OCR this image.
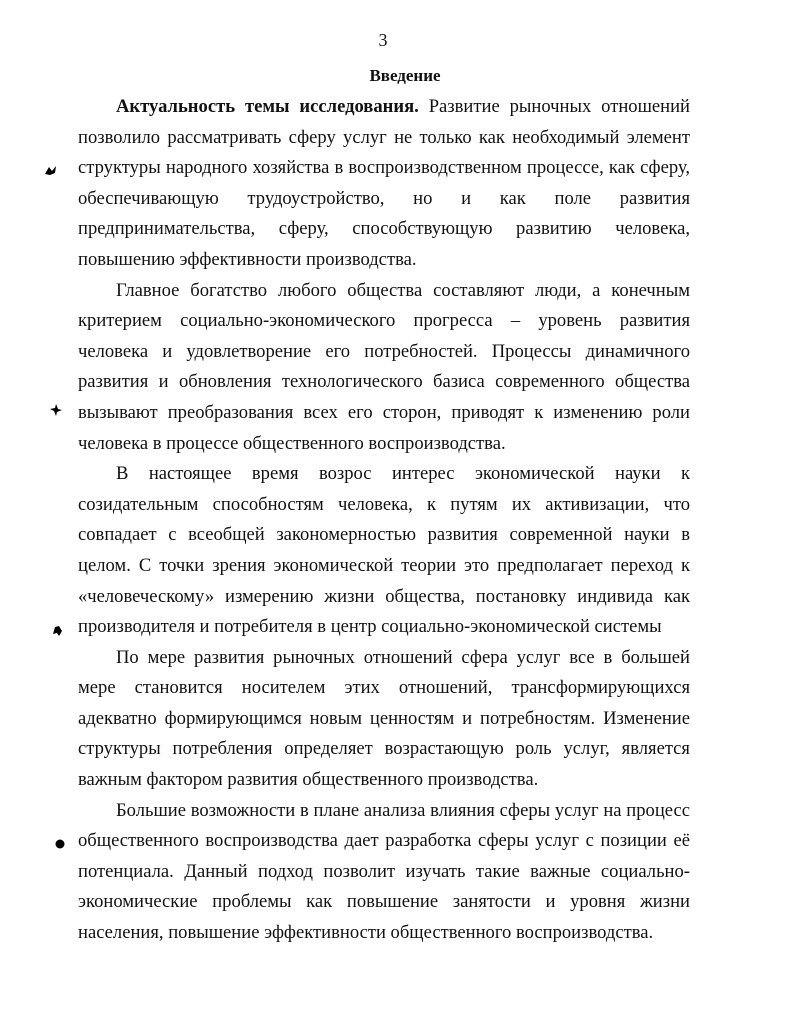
3
Введение

Актуальность темы исследования. Развитие рыночных отношений позволило рассматривать сферу услуг не только как необходимый элемент структуры народного хозяйства в воспроизводственном процессе, как сферу, обеспечивающую трудоустройство, но и как поле развития предпринимательства, сферу, способствующую развитию человека, повышению эффективности производства.

Главное богатство любого общества составляют люди, а конечным критерием социально-экономического прогресса – уровень развития человека и удовлетворение его потребностей. Процессы динамичного развития и обновления технологического базиса современного общества вызывают преобразования всех его сторон, приводят к изменению роли человека в процессе общественного воспроизводства.

В настоящее время возрос интерес экономической науки к созидательным способностям человека, к путям их активизации, что совпадает с всеобщей закономерностью развития современной науки в целом. С точки зрения экономической теории это предполагает переход к «человеческому» измерению жизни общества, постановку индивида как производителя и потребителя в центр социально-экономической системы

По мере развития рыночных отношений сфера услуг все в большей мере становится носителем этих отношений, трансформирующихся адекватно формирующимся новым ценностям и потребностям. Изменение структуры потребления определяет возрастающую роль услуг, является важным фактором развития общественного производства.

Большие возможности в плане анализа влияния сферы услуг на процесс общественного воспроизводства дает разработка сферы услуг с позиции её потенциала. Данный подход позволит изучать такие важные социально-экономические проблемы как повышение занятости и уровня жизни населения, повышение эффективности общественного воспроизводства.
